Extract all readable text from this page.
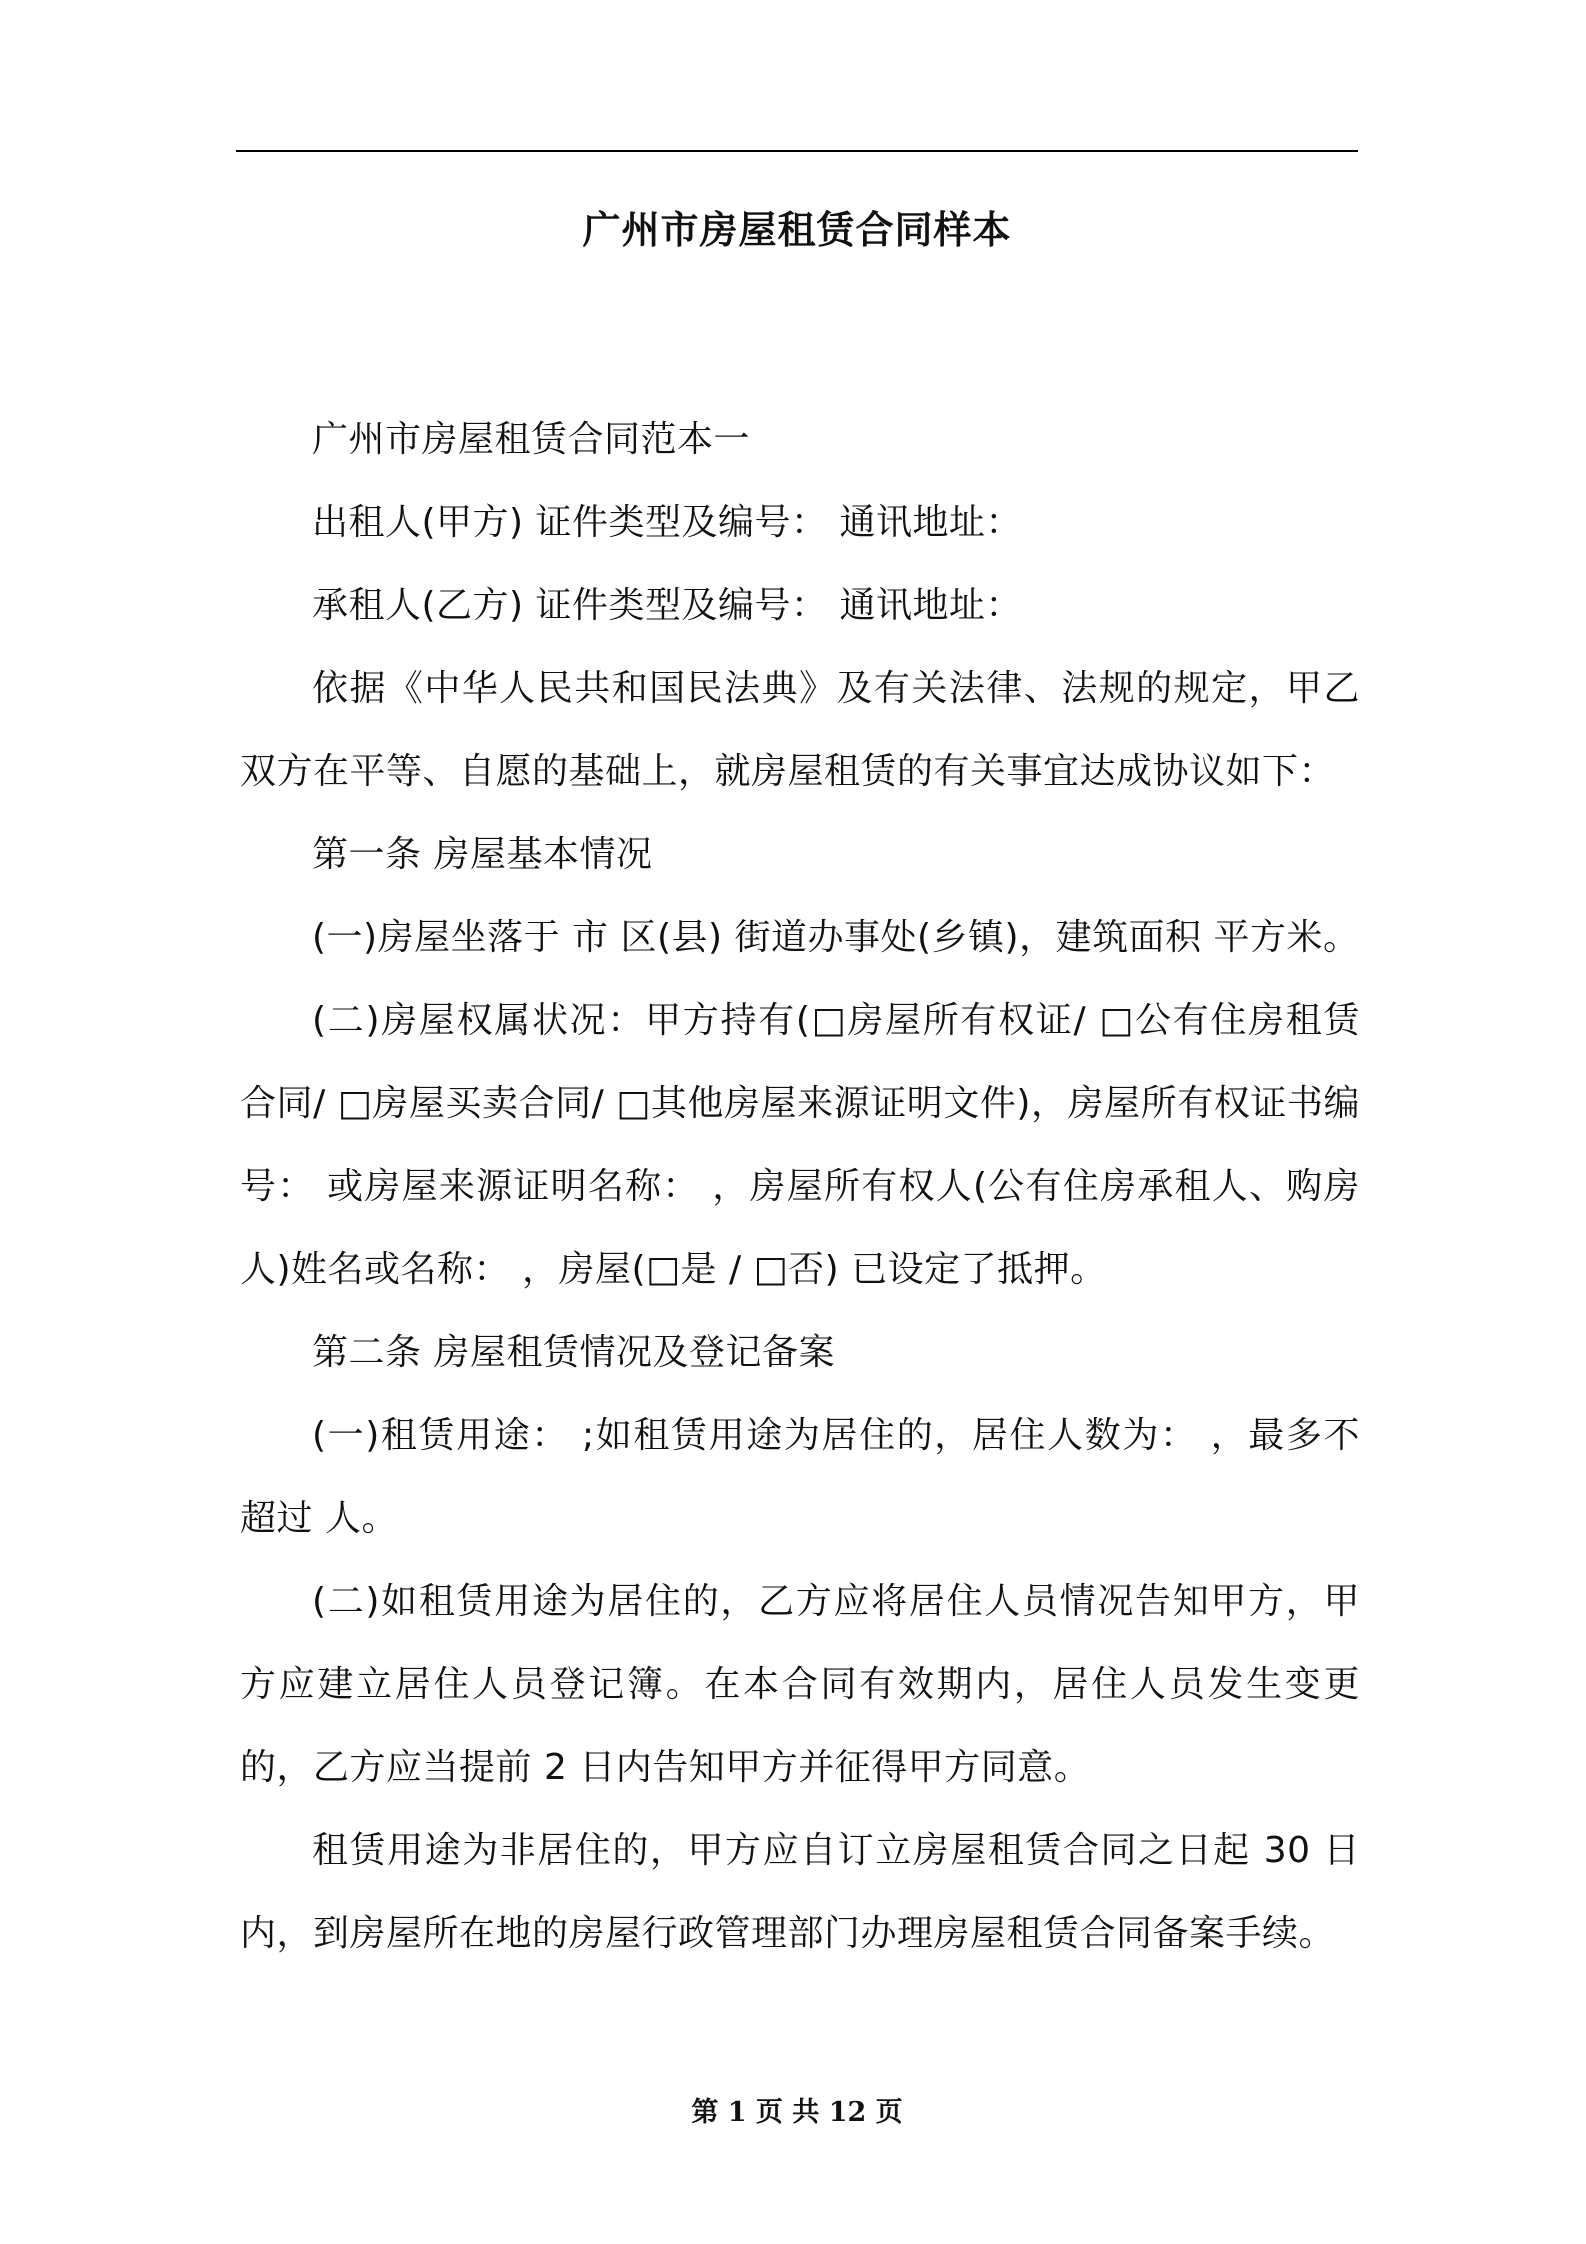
广州市房屋租赁合同样本

广州市房屋租赁合同范本一

出租人(甲方) 证件类型及编号： 通讯地址：

承租人(乙方) 证件类型及编号： 通讯地址：

依据《中华人民共和国民法典》及有关法律、法规的规定，甲乙双方在平等、自愿的基础上，就房屋租赁的有关事宜达成协议如下：

第一条 房屋基本情况

(一)房屋坐落于 市 区(县) 街道办事处(乡镇)，建筑面积 平方米。

(二)房屋权属状况：甲方持有(□房屋所有权证/ □公有住房租赁合同/ □房屋买卖合同/ □其他房屋来源证明文件)，房屋所有权证书编号： 或房屋来源证明名称： ，房屋所有权人(公有住房承租人、购房人)姓名或名称： ，房屋(□是 / □否) 已设定了抵押。

第二条 房屋租赁情况及登记备案

(一)租赁用途： ;如租赁用途为居住的，居住人数为： ，最多不超过 人。

(二)如租赁用途为居住的，乙方应将居住人员情况告知甲方，甲方应建立居住人员登记簿。在本合同有效期内，居住人员发生变更的，乙方应当提前 2 日内告知甲方并征得甲方同意。

租赁用途为非居住的，甲方应自订立房屋租赁合同之日起 30 日内，到房屋所在地的房屋行政管理部门办理房屋租赁合同备案手续。

第 1 页 共 12 页
